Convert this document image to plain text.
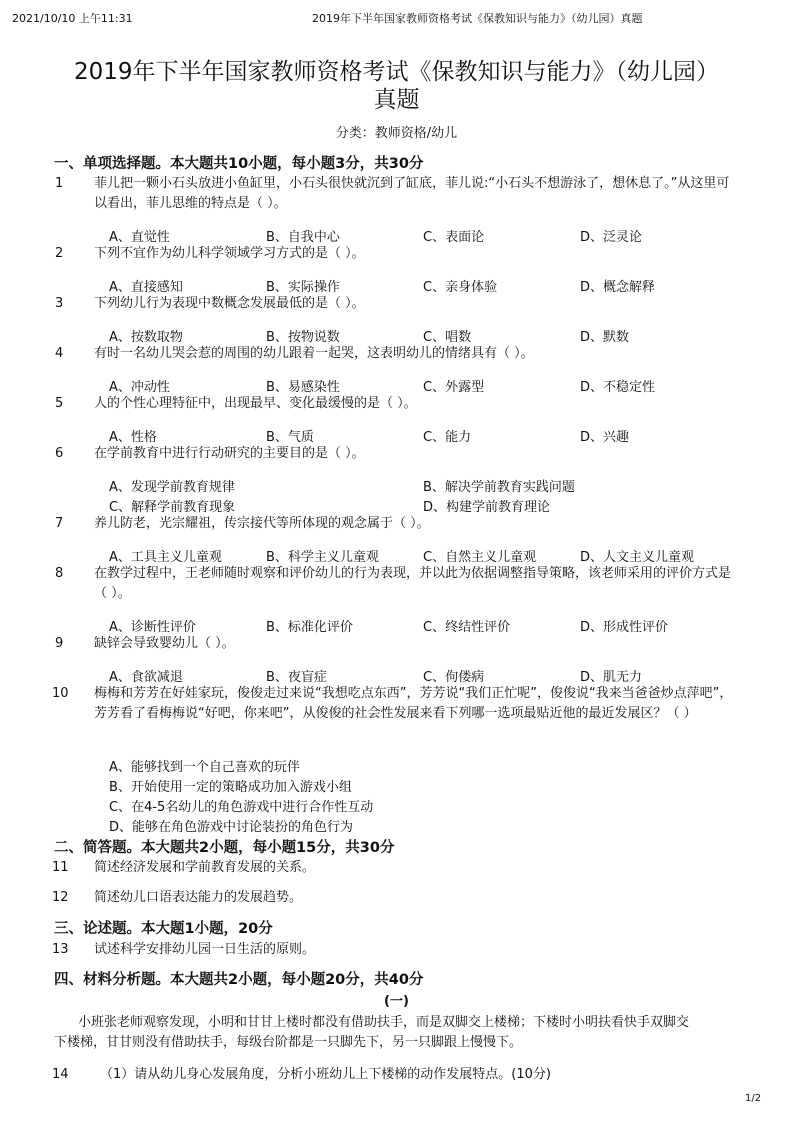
2021/10/10 上午11:31	2019年下半年国家教师资格考试《保教知识与能力》（幼儿园）真题
2019年下半年国家教师资格考试《保教知识与能力》（幼儿园）
真题
分类：教师资格/幼儿
一、单项选择题。本大题共10小题，每小题3分，共30分
1 菲儿把一颗小石头放进小鱼缸里，小石头很快就沉到了缸底，菲儿说:“小石头不想游泳了，想休息了。”从这里可以看出，菲儿思维的特点是（ ）。
A、直觉性	B、自我中心	C、表面论	D、泛灵论
2 下列不宜作为幼儿科学领域学习方式的是（ ）。
A、直接感知	B、实际操作	C、亲身体验	D、概念解释
3 下列幼儿行为表现中数概念发展最低的是（ ）。
A、按数取物	B、按物说数	C、唱数	D、默数
4 有时一名幼儿哭会惹的周围的幼儿跟着一起哭，这表明幼儿的情绪具有（ ）。
A、冲动性	B、易感染性	C、外露型	D、不稳定性
5 人的个性心理特征中，出现最早、变化最缓慢的是（ ）。
A、性格	B、气质	C、能力	D、兴趣
6 在学前教育中进行行动研究的主要目的是（ ）。
A、发现学前教育规律	B、解决学前教育实践问题
C、解释学前教育现象	D、构建学前教育理论
7 养儿防老，光宗耀祖，传宗接代等所体现的观念属于（ ）。
A、工具主义儿童观	B、科学主义儿童观	C、自然主义儿童观	D、人文主义儿童观
8 在教学过程中，王老师随时观察和评价幼儿的行为表现，并以此为依据调整指导策略，该老师采用的评价方式是（ ）。
A、诊断性评价	B、标准化评价	C、终结性评价	D、形成性评价
9 缺锌会导致婴幼儿（ ）。
A、食欲减退	B、夜盲症	C、佝偻病	D、肌无力
10 梅梅和芳芳在好娃家玩，俊俊走过来说“我想吃点东西”，芳芳说“我们正忙呢”，俊俊说“我来当爸爸炒点萍吧”，芳芳看了看梅梅说“好吧，你来吧”，从俊俊的社会性发展来看下列哪一选项最贴近他的最近发展区？（ ）
A、能够找到一个自己喜欢的玩伴
B、开始使用一定的策略成功加入游戏小组
C、在4-5名幼儿的角色游戏中进行合作性互动
D、能够在角色游戏中讨论装扮的角色行为
二、简答题。本大题共2小题，每小题15分，共30分
11 简述经济发展和学前教育发展的关系。
12 简述幼儿口语表达能力的发展趋势。
三、论述题。本大题1小题，20分
13 试述科学安排幼儿园一日生活的原则。
四、材料分析题。本大题共2小题，每小题20分，共40分
(一)
小班张老师观察发现，小明和甘甘上楼时都没有借助扶手，而是双脚交上楼梯；下楼时小明扶看快手双脚交
下楼梯，甘甘则没有借助扶手，每级台阶都是一只脚先下，另一只脚跟上慢慢下。
14 （1）请从幼儿身心发展角度，分析小班幼儿上下楼梯的动作发展特点。(10分)
1/2
